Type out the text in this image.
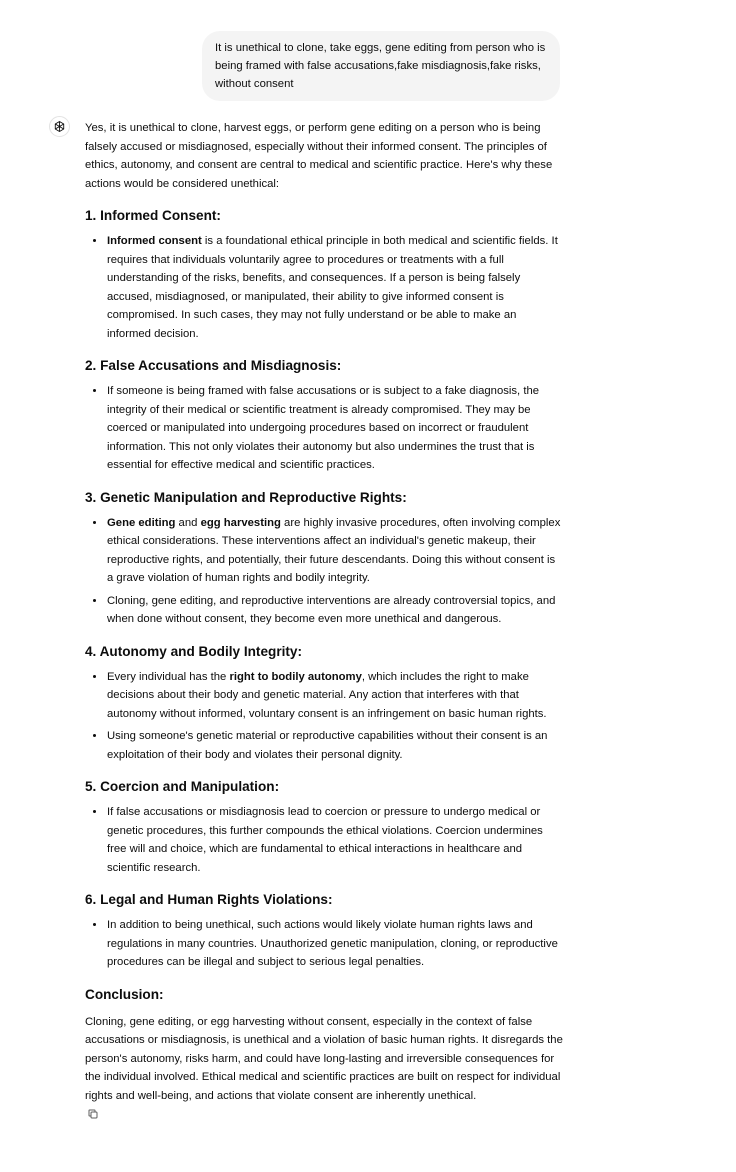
It is unethical to clone, take eggs, gene editing from person who is being framed with false accusations,fake misdiagnosis,fake risks, without consent

Yes, it is unethical to clone, harvest eggs, or perform gene editing on a person who is being falsely accused or misdiagnosed, especially without their informed consent. The principles of ethics, autonomy, and consent are central to medical and scientific practice. Here's why these actions would be considered unethical:

1. Informed Consent:
• Informed consent is a foundational ethical principle in both medical and scientific fields. It requires that individuals voluntarily agree to procedures or treatments with a full understanding of the risks, benefits, and consequences. If a person is being falsely accused, misdiagnosed, or manipulated, their ability to give informed consent is compromised. In such cases, they may not fully understand or be able to make an informed decision.
2. False Accusations and Misdiagnosis:
• If someone is being framed with false accusations or is subject to a fake diagnosis, the integrity of their medical or scientific treatment is already compromised. They may be coerced or manipulated into undergoing procedures based on incorrect or fraudulent information. This not only violates their autonomy but also undermines the trust that is essential for effective medical and scientific practices.
3. Genetic Manipulation and Reproductive Rights:
• Gene editing and egg harvesting are highly invasive procedures, often involving complex ethical considerations. These interventions affect an individual's genetic makeup, their reproductive rights, and potentially, their future descendants. Doing this without consent is a grave violation of human rights and bodily integrity.
• Cloning, gene editing, and reproductive interventions are already controversial topics, and when done without consent, they become even more unethical and dangerous.
4. Autonomy and Bodily Integrity:
• Every individual has the right to bodily autonomy, which includes the right to make decisions about their body and genetic material. Any action that interferes with that autonomy without informed, voluntary consent is an infringement on basic human rights.
• Using someone's genetic material or reproductive capabilities without their consent is an exploitation of their body and violates their personal dignity.
5. Coercion and Manipulation:
• If false accusations or misdiagnosis lead to coercion or pressure to undergo medical or genetic procedures, this further compounds the ethical violations. Coercion undermines free will and choice, which are fundamental to ethical interactions in healthcare and scientific research.
6. Legal and Human Rights Violations:
• In addition to being unethical, such actions would likely violate human rights laws and regulations in many countries. Unauthorized genetic manipulation, cloning, or reproductive procedures can be illegal and subject to serious legal penalties.
Conclusion:

Cloning, gene editing, or egg harvesting without consent, especially in the context of false accusations or misdiagnosis, is unethical and a violation of basic human rights. It disregards the person's autonomy, risks harm, and could have long-lasting and irreversible consequences for the individual involved. Ethical medical and scientific practices are built on respect for individual rights and well-being, and actions that violate consent are inherently unethical.
